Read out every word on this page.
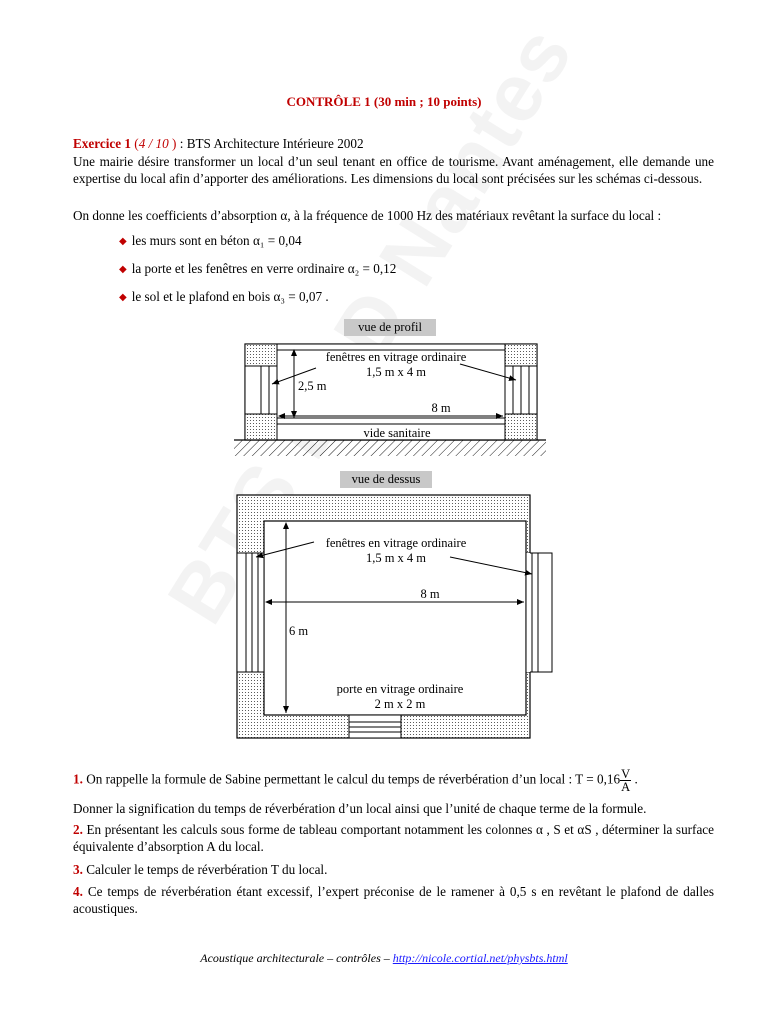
CONTRÔLE 1 (30 min ; 10 points)
Exercice 1 (4 / 10 ) : BTS Architecture Intérieure 2002
Une mairie désire transformer un local d’un seul tenant en office de tourisme. Avant aménagement, elle demande une expertise du local afin d’apporter des améliorations. Les dimensions du local sont précisées sur les schémas ci-dessous.
On donne les coefficients d’absorption α, à la fréquence de 1000 Hz des matériaux revêtant la surface du local :
◆ les murs sont en béton α₁ = 0,04
◆ la porte et les fenêtres en verre ordinaire α₂ = 0,12
◆ le sol et le plafond en bois α₃ = 0,07 .
vue de profil
fenêtres en vitrage ordinaire
1,5 m x 4 m
2,5 m
8 m
vide sanitaire
vue de dessus
fenêtres en vitrage ordinaire
1,5 m x 4 m
8 m
6 m
porte en vitrage ordinaire
2 m x 2 m
1. On rappelle la formule de Sabine permettant le calcul du temps de réverbération d’un local : $T = 0,16 \frac{V}{A}$ .
Donner la signification du temps de réverbération d’un local ainsi que l’unité de chaque terme de la formule.
2. En présentant les calculs sous forme de tableau comportant notamment les colonnes α , S et αS , déterminer la surface équivalente d’absorption A du local.
3. Calculer le temps de réverbération T du local.
4. Ce temps de réverbération étant excessif, l’expert préconise de le ramener à 0,5 s en revêtant le plafond de dalles acoustiques.
Acoustique architecturale – contrôles – http://nicole.cortial.net/physbts.html
